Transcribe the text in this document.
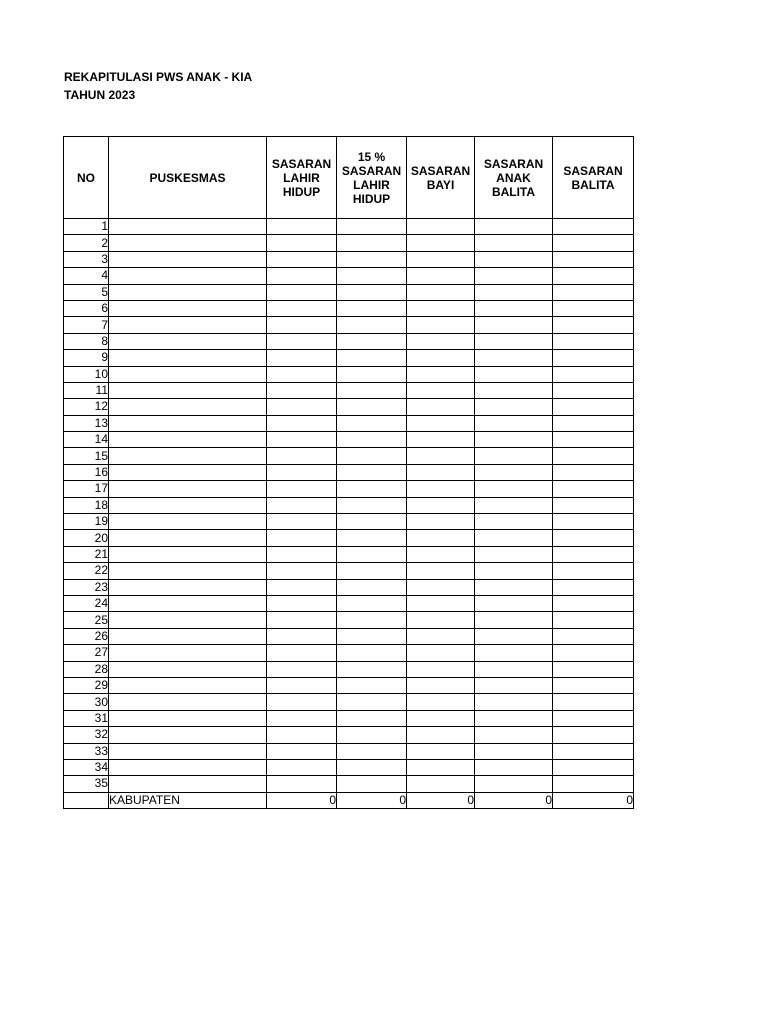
REKAPITULASI PWS ANAK - KIA
TAHUN 2023
NO	PUSKESMAS	SASARAN
LAHIR
HIDUP	15 %
SASARAN
LAHIR
HIDUP	SASARAN
BAYI	SASARAN
ANAK
BALITA	SASARAN
BALITA

1						
2						
3						
4						
5						
6						
7						
8						
9						
10						
11						
12						
13						
14						
15						
16						
17						
18						
19						
20						
21						
22						
23						
24						
25						
26						
27						
28						
29						
30						
31						
32						
33						
34						
35						
	KABUPATEN	0	0	0	0	0
